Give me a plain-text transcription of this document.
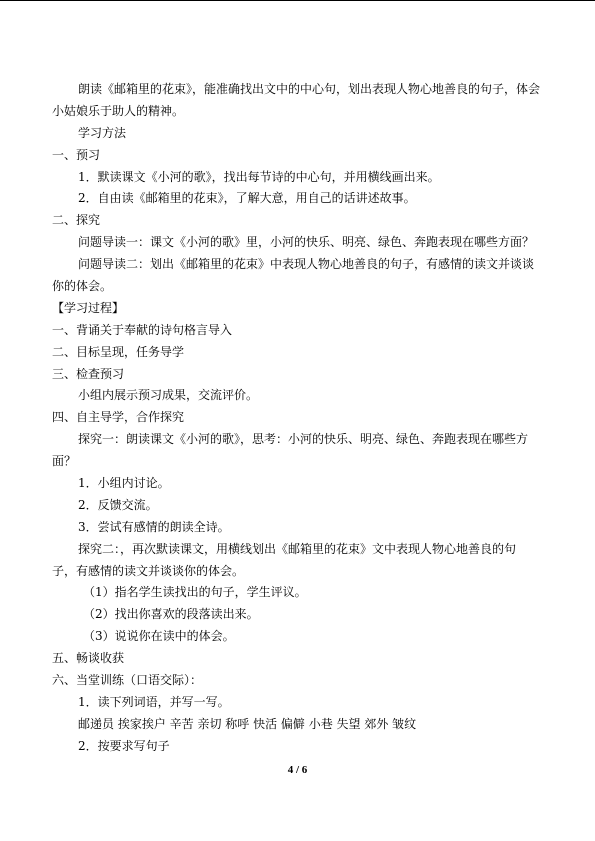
朗读《邮箱里的花束》，能准确找出文中的中心句，划出表现人物心地善良的句子，体会
小姑娘乐于助人的精神。
学习方法
一、预习
1．默读课文《小河的歌》，找出每节诗的中心句，并用横线画出来。
2．自由读《邮箱里的花束》，了解大意，用自己的话讲述故事。
二、探究
问题导读一：课文《小河的歌》里，小河的快乐、明亮、绿色、奔跑表现在哪些方面？
问题导读二：划出《邮箱里的花束》中表现人物心地善良的句子，有感情的读文并谈谈
你的体会。
【学习过程】
一、背诵关于奉献的诗句格言导入
二、目标呈现，任务导学
三、检查预习
小组内展示预习成果，交流评价。
四、自主导学，合作探究
探究一：朗读课文《小河的歌》，思考：小河的快乐、明亮、绿色、奔跑表现在哪些方
面？
1．小组内讨论。
2．反馈交流。
3．尝试有感情的朗读全诗。
探究二：，再次默读课文，用横线划出《邮箱里的花束》文中表现人物心地善良的句
子，有感情的读文并谈谈你的体会。
（1）指名学生读找出的句子，学生评议。
（2）找出你喜欢的段落读出来。
（3）说说你在读中的体会。
五、畅谈收获
六、当堂训练（口语交际）：
1．读下列词语，并写一写。
邮递员 挨家挨户 辛苦 亲切 称呼 快活 偏僻 小巷 失望 郊外 皱纹
2．按要求写句子
4 / 6
